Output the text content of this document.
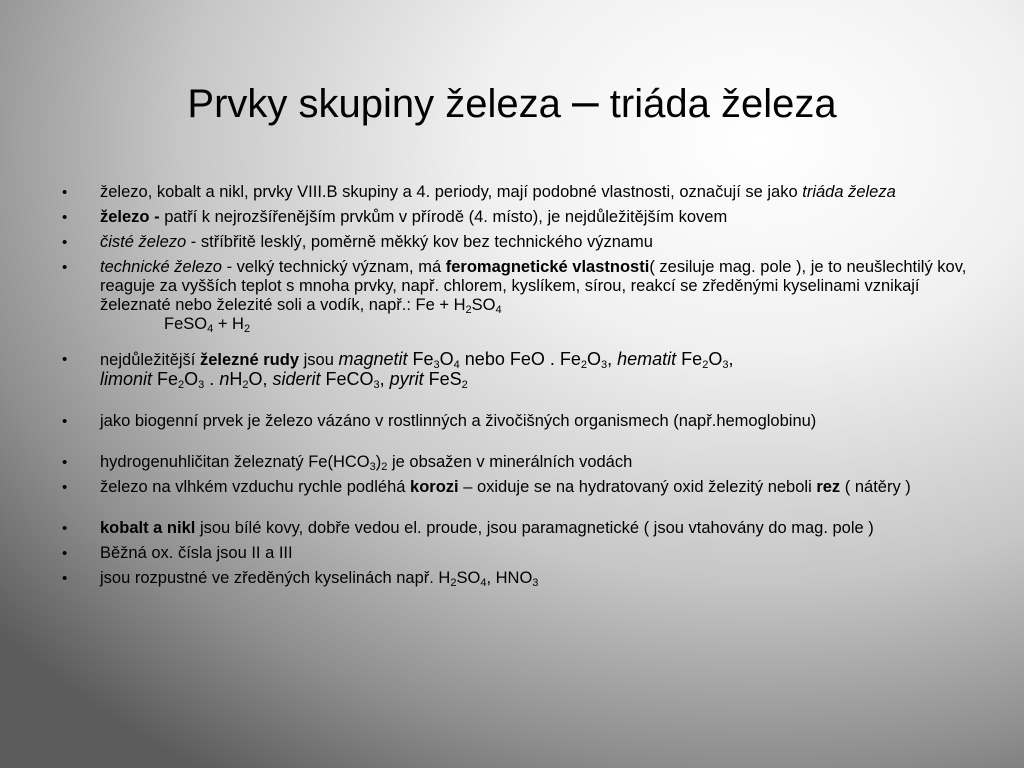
Prvky skupiny železa – triáda železa
• železo, kobalt a nikl, prvky VIII.B skupiny a 4. periody, mají podobné vlastnosti, označují se jako triáda železa
• železo - patří k nejrozšířenějším prvkům v přírodě (4. místo), je nejdůležitějším kovem
• čisté železo - stříbřitě lesklý, poměrně měkký kov bez technického významu
• technické železo - velký technický význam, má feromagnetické vlastnosti( zesiluje mag. pole ), je to neušlechtilý kov, reaguje za vyšších teplot s mnoha prvky, např. chlorem, kyslíkem, sírou, reakcí se zředěnými kyselinami vznikají železnaté nebo železité soli a vodík, např.: $Fe + H_2SO_4$
FeSO$_4$ + $H_2$
• nejdůležitější železné rudy jsou magnetit $Fe_3O_4$ nebo FeO . $Fe_2O_3$, hematit $Fe_2O_3$,
limonit $Fe_2O_3$ . $nH_2O$, siderit FeCO$_3$, pyrit FeS$_2$
• jako biogenní prvek je železo vázáno v rostlinných a živočišných organismech (např.hemoglobinu)
• hydrogenuhličitan železnatý $Fe(HCO_3)_2$ je obsažen v minerálních vodách
• železo na vlhkém vzduchu rychle podléhá korozi – oxiduje se na hydratovaný oxid železitý neboli rez ( nátěry )
• kobalt a nikl jsou bílé kovy, dobře vedou el. proude, jsou paramagnetické ( jsou vtahovány do mag. pole )
• Běžná ox. čísla jsou II a III
• jsou rozpustné ve zředěných kyselinách např. $H_2SO_4$, $HNO_3$
